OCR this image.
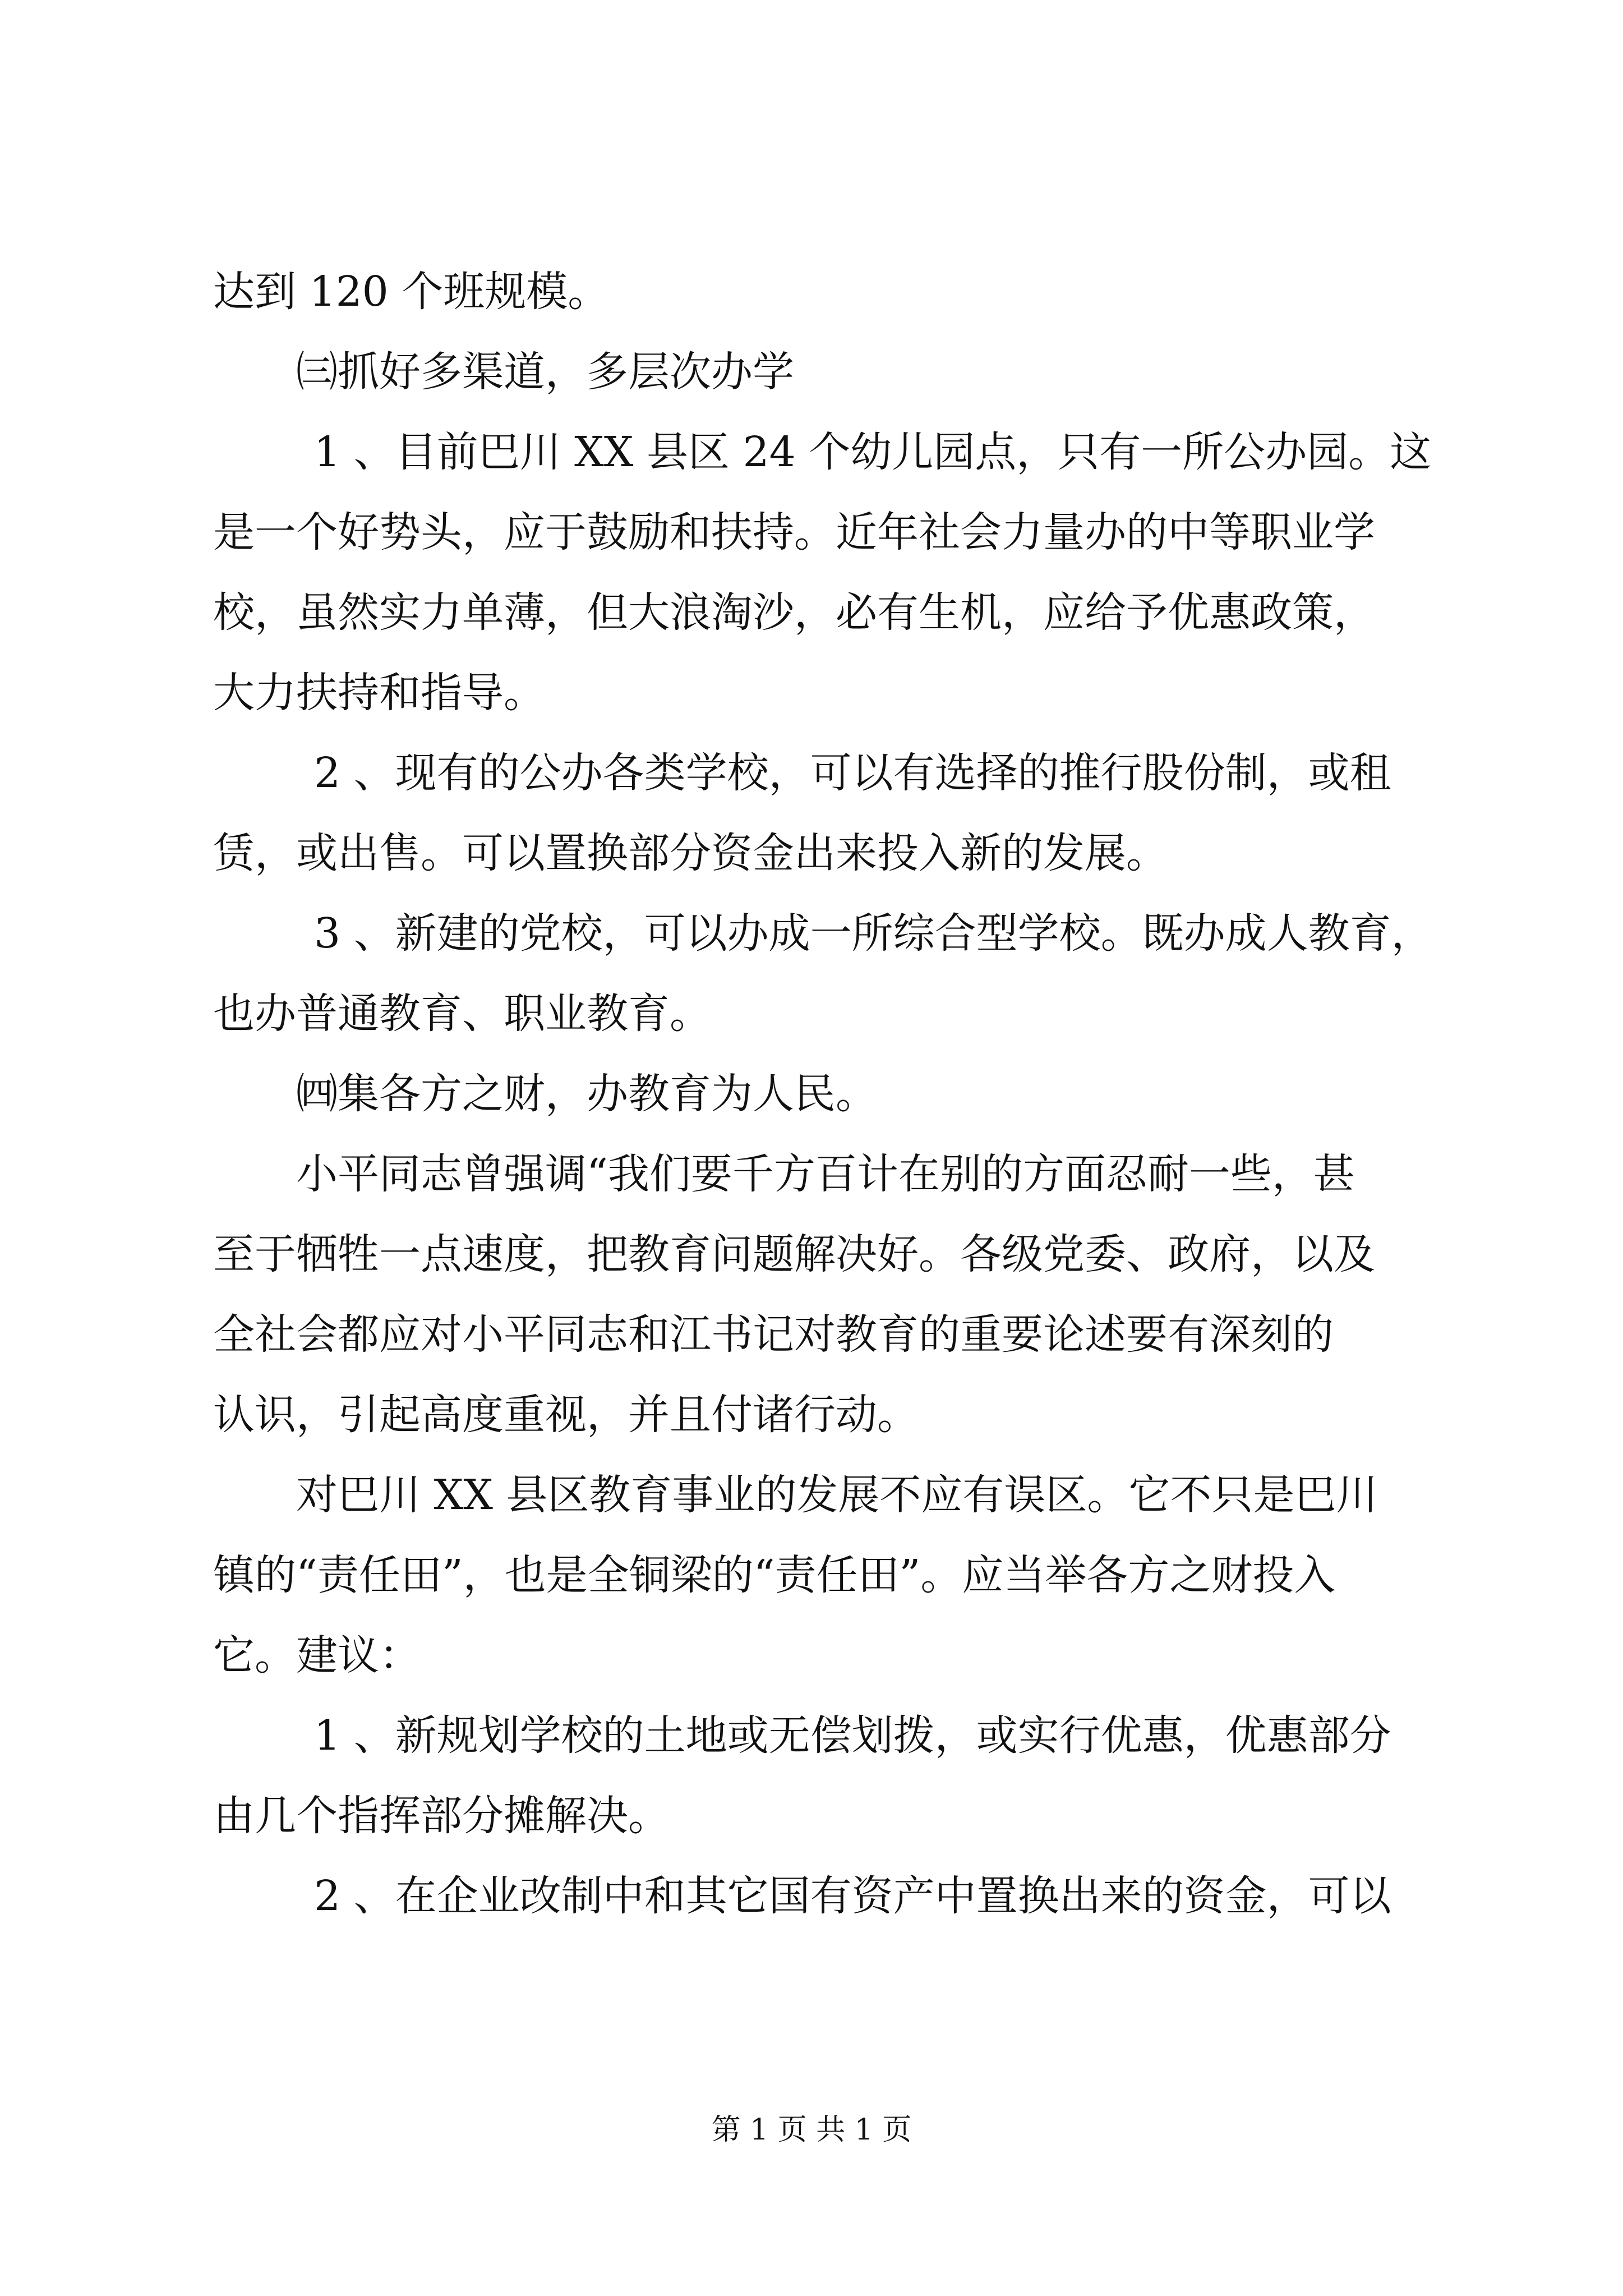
达到 120 个班规模。
㈢抓好多渠道，多层次办学
1 、目前巴川 XX 县区 24 个幼儿园点，只有一所公办园。这
是一个好势头，应于鼓励和扶持。近年社会力量办的中等职业学
校，虽然实力单薄，但大浪淘沙，必有生机，应给予优惠政策，
大力扶持和指导。
2 、现有的公办各类学校，可以有选择的推行股份制，或租
赁，或出售。可以置换部分资金出来投入新的发展。
3 、新建的党校，可以办成一所综合型学校。既办成人教育，
也办普通教育、职业教育。
㈣集各方之财，办教育为人民。
小平同志曾强调“我们要千方百计在别的方面忍耐一些，甚
至于牺牲一点速度，把教育问题解决好。各级党委、政府，以及
全社会都应对小平同志和江书记对教育的重要论述要有深刻的
认识，引起高度重视，并且付诸行动。
对巴川 XX 县区教育事业的发展不应有误区。它不只是巴川
镇的“责任田”，也是全铜梁的“责任田”。应当举各方之财投入
它。建议：
1 、新规划学校的土地或无偿划拨，或实行优惠，优惠部分
由几个指挥部分摊解决。
2 、在企业改制中和其它国有资产中置换出来的资金，可以
第 1 页 共 1 页
